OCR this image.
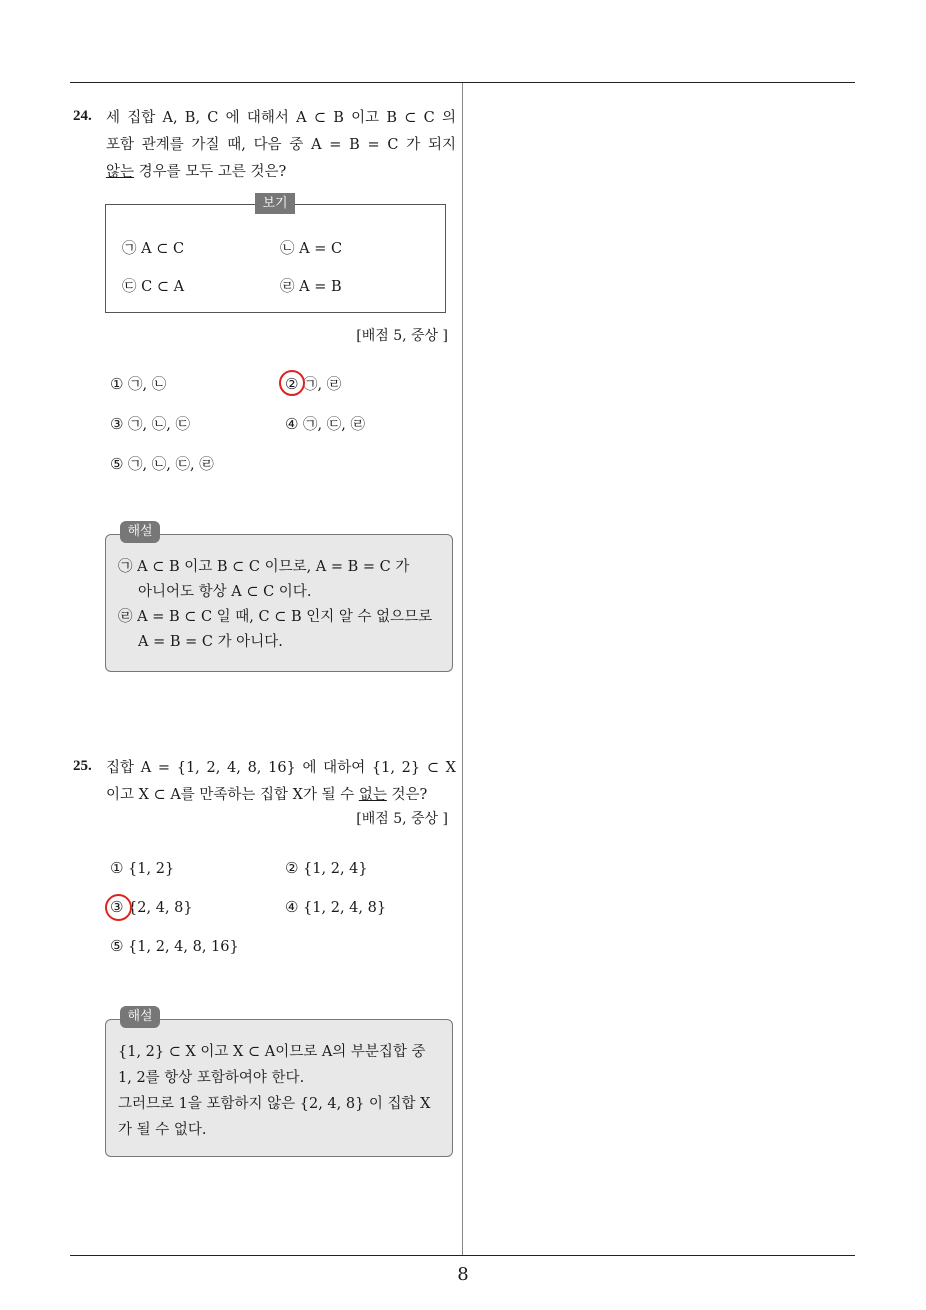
24. 세 집합 A, B, C 에 대해서 A ⊂ B 이고 B ⊂ C 의
포함 관계를 가질 때, 다음 중 A = B = C 가 되지
않는 경우를 모두 고른 것은?
보기
㉠ A ⊂ C	㉡ A = C
㉢ C ⊂ A	㉣ A = B
[배점 5, 중상 ]
① ㉠, ㉡	② ㉠, ㉣
③ ㉠, ㉡, ㉢	④ ㉠, ㉢, ㉣
⑤ ㉠, ㉡, ㉢, ㉣
해설
㉠ A ⊂ B 이고 B ⊂ C 이므로, A = B = C 가
아니어도 항상 A ⊂ C 이다.
㉣ A = B ⊂ C 일 때, C ⊂ B 인지 알 수 없으므로
A = B = C 가 아니다.
25. 집합 A = {1, 2, 4, 8, 16} 에 대하여 {1, 2} ⊂ X
이고 X ⊂ A를 만족하는 집합 X가 될 수 없는 것은?
[배점 5, 중상 ]
① {1, 2}	② {1, 2, 4}
③ {2, 4, 8}	④ {1, 2, 4, 8}
⑤ {1, 2, 4, 8, 16}
해설
{1, 2} ⊂ X 이고 X ⊂ A이므로 A의 부분집합 중
1, 2를 항상 포함하여야 한다.
그러므로 1을 포함하지 않은 {2, 4, 8} 이 집합 X
가 될 수 없다.
8
